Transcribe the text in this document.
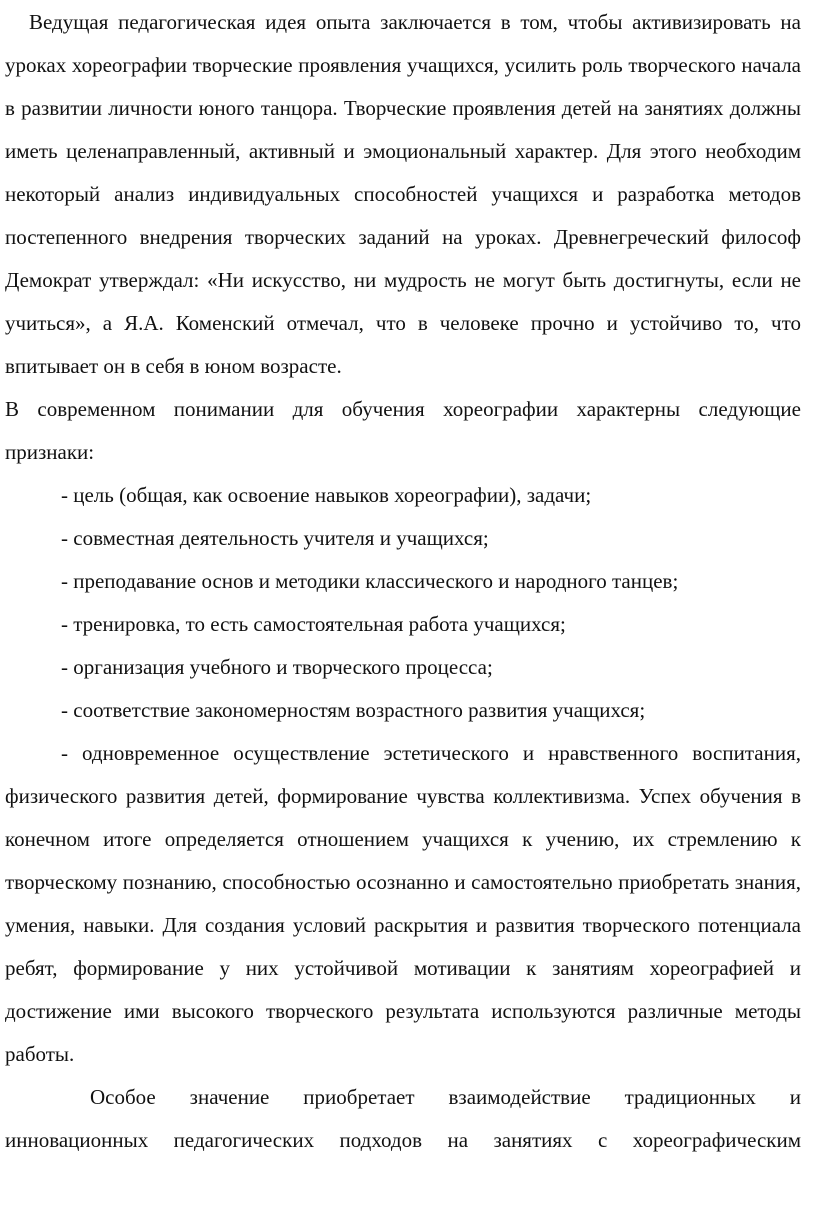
Ведущая педагогическая идея опыта заключается в том, чтобы активизировать на уроках хореографии творческие проявления учащихся, усилить роль творческого начала в развитии личности юного танцора. Творческие проявления детей на занятиях должны иметь целенаправленный, активный и эмоциональный характер. Для этого необходим некоторый анализ индивидуальных способностей учащихся и разработка методов постепенного внедрения творческих заданий на уроках. Древнегреческий философ Демократ утверждал: «Ни искусство, ни мудрость не могут быть достигнуты, если не учиться», а Я.А. Коменский отмечал, что в человеке прочно и устойчиво то, что впитывает он в себя в юном возрасте.

В современном понимании для обучения хореографии характерны следующие признаки:

- цель (общая, как освоение навыков хореографии), задачи;

- совместная деятельность учителя и учащихся;

- преподавание основ и методики классического и народного танцев;

- тренировка, то есть самостоятельная работа учащихся;

- организация учебного и творческого процесса;

- соответствие закономерностям возрастного развития учащихся;

- одновременное осуществление эстетического и нравственного воспитания, физического развития детей, формирование чувства коллективизма. Успех обучения в конечном итоге определяется отношением учащихся к учению, их стремлению к творческому познанию, способностью осознанно и самостоятельно приобретать знания, умения, навыки. Для создания условий раскрытия и развития творческого потенциала ребят, формирование у них устойчивой мотивации к занятиям хореографией и достижение ими высокого творческого результата используются различные методы работы.

Особое значение приобретает взаимодействие традиционных и инновационных педагогических подходов на занятиях с хореографическим
